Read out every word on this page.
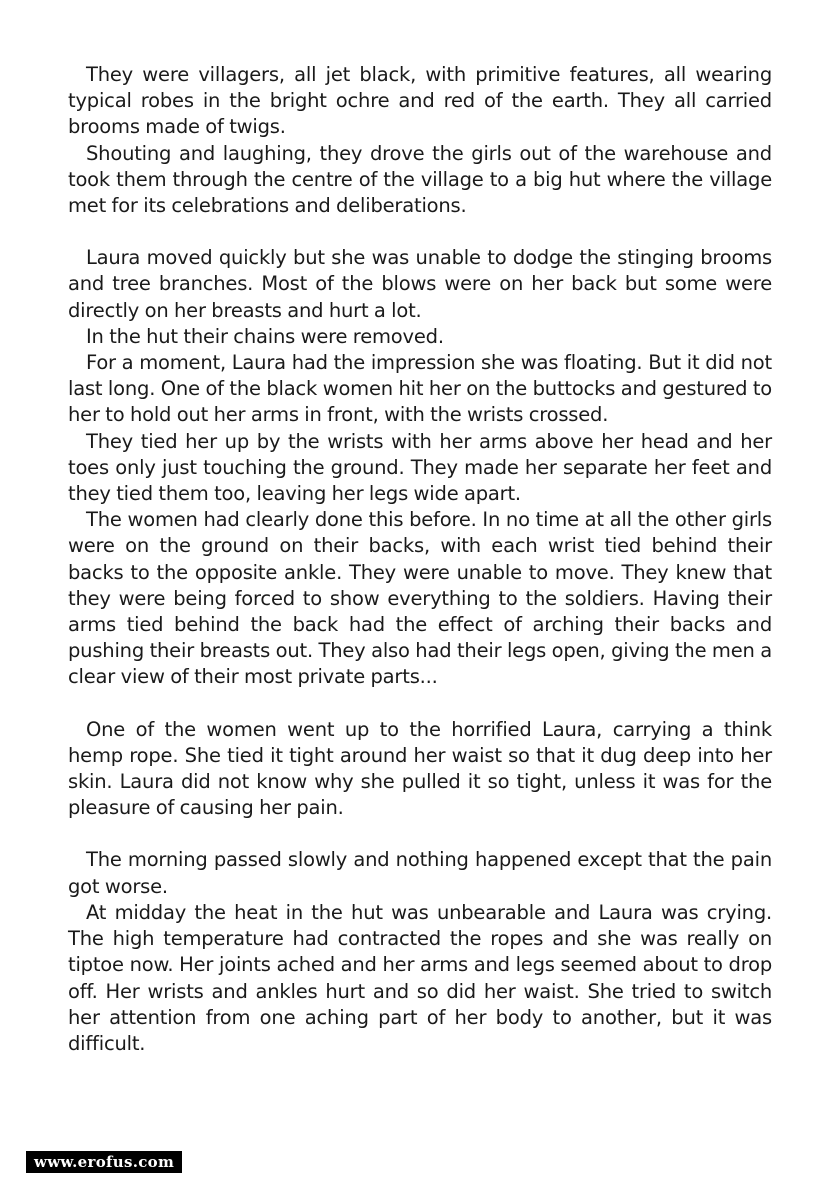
They were villagers, all jet black, with primitive features, all wearing typical robes in the bright ochre and red of the earth. They all carried brooms made of twigs.

Shouting and laughing, they drove the girls out of the warehouse and took them through the centre of the village to a big hut where the village met for its celebrations and deliberations.

Laura moved quickly but she was unable to dodge the stinging brooms and tree branches. Most of the blows were on her back but some were directly on her breasts and hurt a lot.

In the hut their chains were removed.

For a moment, Laura had the impression she was floating. But it did not last long. One of the black women hit her on the buttocks and gestured to her to hold out her arms in front, with the wrists crossed.

They tied her up by the wrists with her arms above her head and her toes only just touching the ground. They made her separate her feet and they tied them too, leaving her legs wide apart.

The women had clearly done this before. In no time at all the other girls were on the ground on their backs, with each wrist tied behind their backs to the opposite ankle. They were unable to move. They knew that they were being forced to show everything to the soldiers. Having their arms tied behind the back had the effect of arching their backs and pushing their breasts out. They also had their legs open, giving the men a clear view of their most private parts...

One of the women went up to the horrified Laura, carrying a think hemp rope. She tied it tight around her waist so that it dug deep into her skin. Laura did not know why she pulled it so tight, unless it was for the pleasure of causing her pain.

The morning passed slowly and nothing happened except that the pain got worse.

At midday the heat in the hut was unbearable and Laura was crying. The high temperature had contracted the ropes and she was really on tiptoe now. Her joints ached and her arms and legs seemed about to drop off. Her wrists and ankles hurt and so did her waist. She tried to switch her attention from one aching part of her body to another, but it was difficult.

www.erofus.com
